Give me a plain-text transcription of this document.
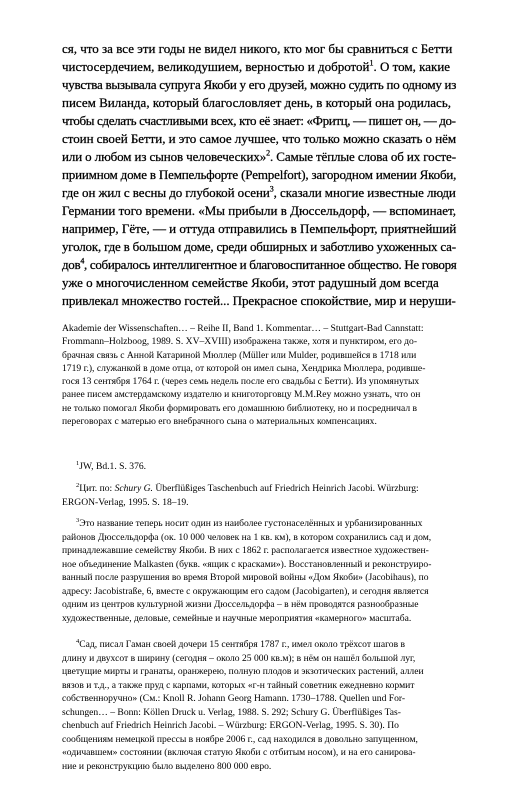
ся, что за все эти годы не видел никого, кто мог бы сравниться с Бетти
чистосердечием, великодушием, верностью и добротой$^1$. О том, какие
чувства вызывала супруга Якоби у его друзей, можно судить по одному из
писем Виланда, который благословляет день, в который она родилась,
чтобы сделать счастливыми всех, кто её знает: «Фритц, — пишет он, — до-
стоин своей Бетти, и это самое лучшее, что только можно сказать о нём
или о любом из сынов человеческих»$^2$. Самые тёплые слова об их госте-
приимном доме в Пемпельфорте (Pempelfort), загородном имении Якоби,
где он жил с весны до глубокой осени$^3$, сказали многие известные люди
Германии того времени. «Мы прибыли в Дюссельдорф, — вспоминает,
например, Гёте, — и оттуда отправились в Пемпельфорт, приятнейший
уголок, где в большом доме, среди обширных и заботливо ухоженных са-
дов$^4$, собиралось интеллигентное и благовоспитанное общество. Не говоря
уже о многочисленном семействе Якоби, этот радушный дом всегда
привлекал множество гостей... Прекрасное спокойствие, мир и неруши-
Akademie der Wissenschaften… – Reihe II, Band 1. Kommentar… – Stuttgart-Bad Cannstatt:
Frommann–Holzboog, 1989. S. XV–XVIII) изображена также, хотя и пунктиром, его до-
брачная связь с Анной Катариной Мюллер (Müller или Mulder, родившейся в 1718 или
1719 г.), служанкой в доме отца, от которой он имел сына, Хендрика Мюллера, родивше-
гося 13 сентября 1764 г. (через семь недель после его свадьбы с Бетти). Из упомянутых
ранее писем амстердамскому издателю и книготорговцу M.M.Rey можно узнать, что он
не только помогал Якоби формировать его домашнюю библиотеку, но и посредничал в
переговорах с матерью его внебрачного сына о материальных компенсациях.
$^1$JW, Bd.1. S. 376.
$^2$Цит. по: Schury G. Überflüßiges Taschenbuch auf Friedrich Heinrich Jacobi. Würzburg:
ERGON-Verlag, 1995. S. 18–19.
$^3$Это название теперь носит один из наиболее густонаселённых и урбанизированных
районов Дюссельдорфа (ок. 10 000 человек на 1 кв. км), в котором сохранились сад и дом,
принадлежавшие семейству Якоби. В них с 1862 г. располагается известное художествен-
ное объединение Malkasten (букв. «ящик с красками»). Восстановленный и реконструиро-
ванный после разрушения во время Второй мировой войны «Дом Якоби» (Jacobihaus), по
адресу: Jacobistraße, 6, вместе с окружающим его садом (Jacobigarten), и сегодня является
одним из центров культурной жизни Дюссельдорфа – в нём проводятся разнообразные
художественные, деловые, семейные и научные мероприятия «камерного» масштаба.
$^4$Сад, писал Гаман своей дочери 15 сентября 1787 г., имел около трёхсот шагов в
длину и двухсот в ширину (сегодня – около 25 000 кв.м); в нём он нашёл большой луг,
цветущие мирты и гранаты, оранжерею, полную плодов и экзотических растений, аллеи
вязов и т.д., а также пруд с карпами, которых «г-н тайный советник ежедневно кормит
собственноручно» (См.: Knoll R. Johann Georg Hamann. 1730–1788. Quellen und For-
schungen… – Bonn: Köllen Druck u. Verlag, 1988. S. 292; Schury G. Überflüßiges Tas-
chenbuch auf Friedrich Heinrich Jacobi. – Würzburg: ERGON-Verlag, 1995. S. 30). По
сообщениям немецкой прессы в ноябре 2006 г., сад находился в довольно запущенном,
«одичавшем» состоянии (включая статую Якоби с отбитым носом), и на его санирова-
ние и реконструкцию было выделено 800 000 евро.
